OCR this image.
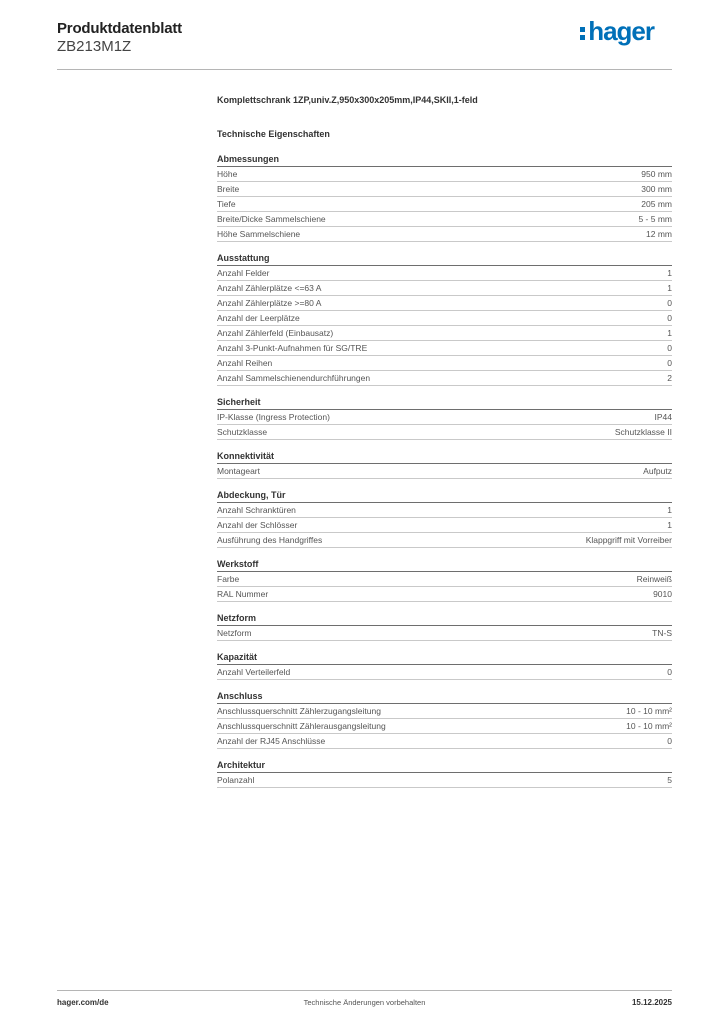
Produktdatenblatt
ZB213M1Z
hager
Komplettschrank 1ZP,univ.Z,950x300x205mm,IP44,SKII,1-feld
Technische Eigenschaften
Abmessungen
Höhe	950 mm
Breite	300 mm
Tiefe	205 mm
Breite/Dicke Sammelschiene	5 - 5 mm
Höhe Sammelschiene	12 mm
Ausstattung
Anzahl Felder	1
Anzahl Zählerplätze <=63 A	1
Anzahl Zählerplätze >=80 A	0
Anzahl der Leerplätze	0
Anzahl Zählerfeld (Einbausatz)	1
Anzahl 3-Punkt-Aufnahmen für SG/TRE	0
Anzahl Reihen	0
Anzahl Sammelschienendurchführungen	2
Sicherheit
IP-Klasse (Ingress Protection)	IP44
Schutzklasse	Schutzklasse II
Konnektivität
Montageart	Aufputz
Abdeckung, Tür
Anzahl Schranktüren	1
Anzahl der Schlösser	1
Ausführung des Handgriffes	Klappgriff mit Vorreiber
Werkstoff
Farbe	Reinweiß
RAL Nummer	9010
Netzform
Netzform	TN-S
Kapazität
Anzahl Verteilerfeld	0
Anschluss
Anschlussquerschnitt Zählerzugangsleitung	10 - 10 mm²
Anschlussquerschnitt Zählerausgangsleitung	10 - 10 mm²
Anzahl der RJ45 Anschlüsse	0
Architektur
Polanzahl	5
hager.com/de	Technische Änderungen vorbehalten	15.12.2025
